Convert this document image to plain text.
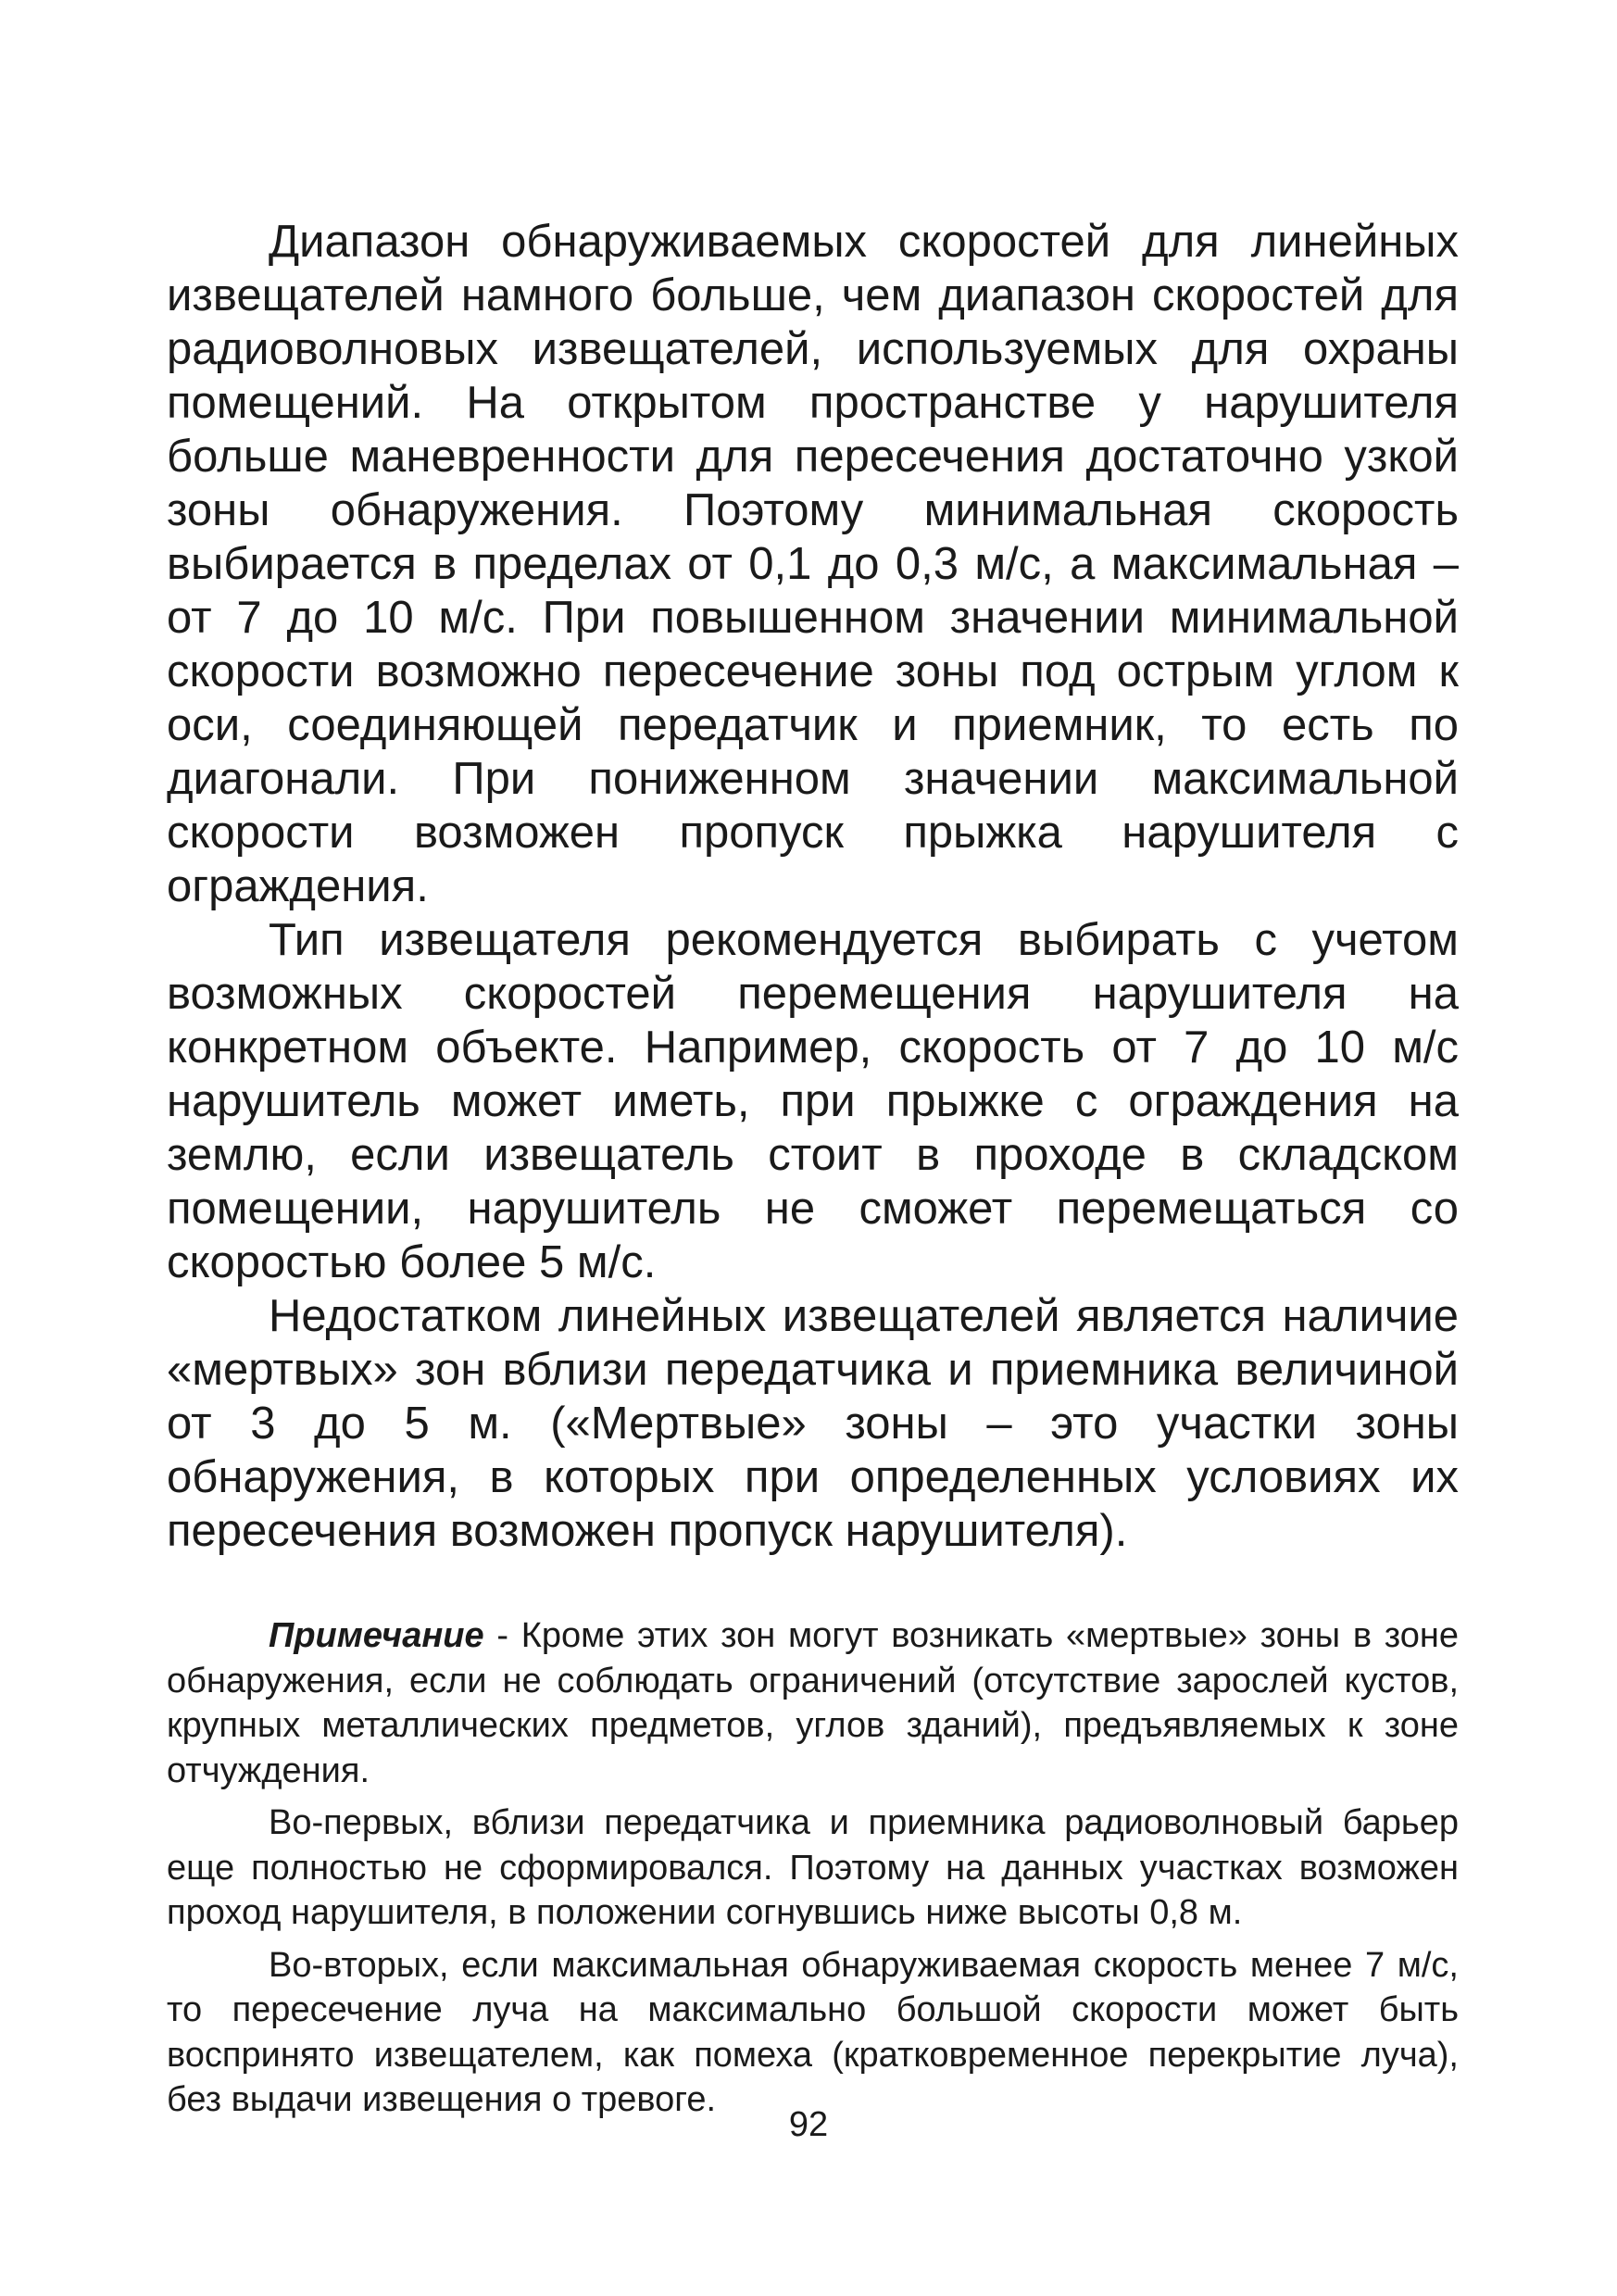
Диапазон обнаруживаемых скоростей для линейных извещателей намного больше, чем диапазон скоростей для радиоволновых извещателей, используемых для охраны помещений. На открытом пространстве у нарушителя больше маневренности для пересечения достаточно узкой зоны обнаружения. Поэтому минимальная скорость выбирается в пределах от 0,1 до 0,3 м/с, а максимальная – от 7 до 10 м/с. При повышенном значении минимальной скорости возможно пересечение зоны под острым углом к оси, соединяющей передатчик и приемник, то есть по диагонали. При пониженном значении максимальной скорости возможен пропуск прыжка нарушителя с ограждения.

Тип извещателя рекомендуется выбирать с учетом возможных скоростей перемещения нарушителя на конкретном объекте. Например, скорость от 7 до 10 м/с нарушитель может иметь, при прыжке с ограждения на землю, если извещатель стоит в проходе в складском помещении, нарушитель не сможет перемещаться со скоростью более 5 м/с.

Недостатком линейных извещателей является наличие «мертвых» зон вблизи передатчика и приемника величиной от 3 до 5 м. («Мертвые» зоны – это участки зоны обнаружения, в которых при определенных условиях их пересечения возможен пропуск нарушителя).

Примечание - Кроме этих зон могут возникать «мертвые» зоны в зоне обнаружения, если не соблюдать ограничений (отсутствие зарослей кустов, крупных металлических предметов, углов зданий), предъявляемых к зоне отчуждения.

Во-первых, вблизи передатчика и приемника радиоволновый барьер еще полностью не сформировался. Поэтому на данных участках возможен проход нарушителя, в положении согнувшись ниже высоты 0,8 м.

Во-вторых, если максимальная обнаруживаемая скорость менее 7 м/с, то пересечение луча на максимально большой скорости может быть воспринято извещателем, как помеха (кратковременное перекрытие луча), без выдачи извещения о тревоге.

92
